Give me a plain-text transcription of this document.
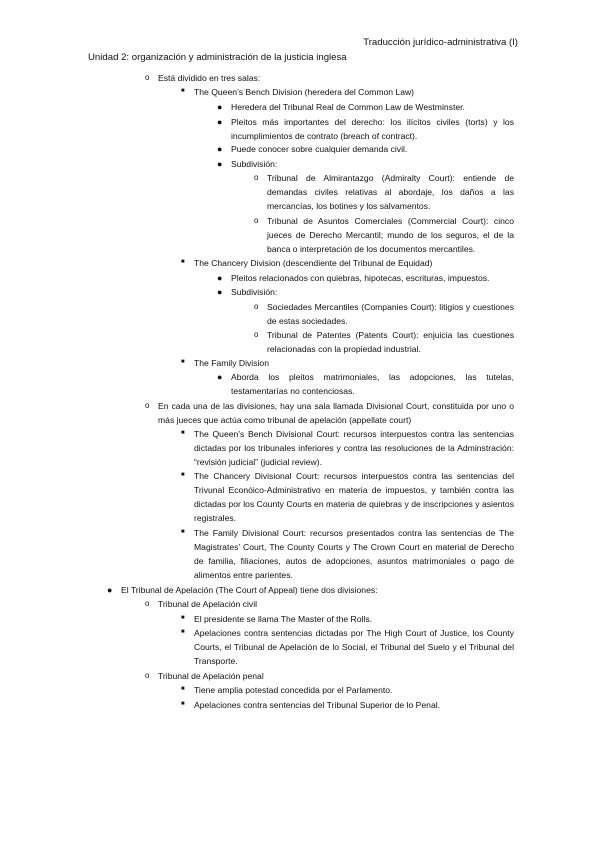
Traducción jurídico-administrativa (I)
Unidad 2: organización y administración de la justicia inglesa
o Está dividido en tres salas:
■ The Queen’s Bench Division (heredera del Common Law)
● Heredera del Tribunal Real de Common Law de Westminster.
● Pleitos más importantes del derecho: los ilícitos civiles (torts) y los incumplimientos de contrato (breach of contract).
● Puede conocer sobre cualquier demanda civil.
● Subdivisión:
o Tribunal de Almirantazgo (Admiralty Court): entiende de demandas civiles relativas al abordaje, los daños a las mercancías, los botines y los salvamentos.
o Tribunal de Asuntos Comerciales (Commercial Court): cinco jueces de Derecho Mercantil; mundo de los seguros, el de la banca o interpretación de los documentos mercantiles.
■ The Chancery Division (descendiente del Tribunal de Equidad)
● Pleitos relacionados con quiebras, hipotecas, escrituras, impuestos.
● Subdivisión:
o Sociedades Mercantiles (Companies Court): litigios y cuestiones de estas sociedades.
o Tribunal de Patentes (Patents Court): enjuicia las cuestiones relacionadas con la propiedad industrial.
■ The Family Division
● Aborda los pleitos matrimoniales, las adopciones, las tutelas, testamentarías no contenciosas.
o En cada una de las divisiones, hay una sala llamada Divisional Court, constituida por uno o más jueces que actúa como tribunal de apelación (appellate court)
■ The Queen’s Bench Divisional Court: recursos interpuestos contra las sentencias dictadas por los tribunales inferiores y contra las resoluciones de la Adminstración: “revisión judicial” (judicial review).
■ The Chancery Divisional Court: recursos interpuestos contra las sentencias del Trivunal Econóico-Administrativo en materia de impuestos, y también contra las dictadas por los County Courts en materia de quiebras y de inscripciones y asientos registrales.
■ The Family Divisional Court: recursos presentados contra las sentencias de The Magistrates’ Court, The County Courts y The Crown Court en material de Derecho de familia, filiaciones, autos de adopciones, asuntos matrimoniales o pago de alimentos entre parientes.
● El Tribunal de Apelación (The Court of Appeal) tiene dos divisiones:
o Tribunal de Apelación civil
■ El presidente se llama The Master of the Rolls.
■ Apelaciones contra sentencias dictadas por The High Court of Justice, los County Courts, el Tribunal de Apelación de lo Social, el Tribunal del Suelo y el Tribunal del Transporte.
o Tribunal de Apelación penal
■ Tiene amplia potestad concedida por el Parlamento.
■ Apelaciones contra sentencias del Tribunal Superior de lo Penal.
